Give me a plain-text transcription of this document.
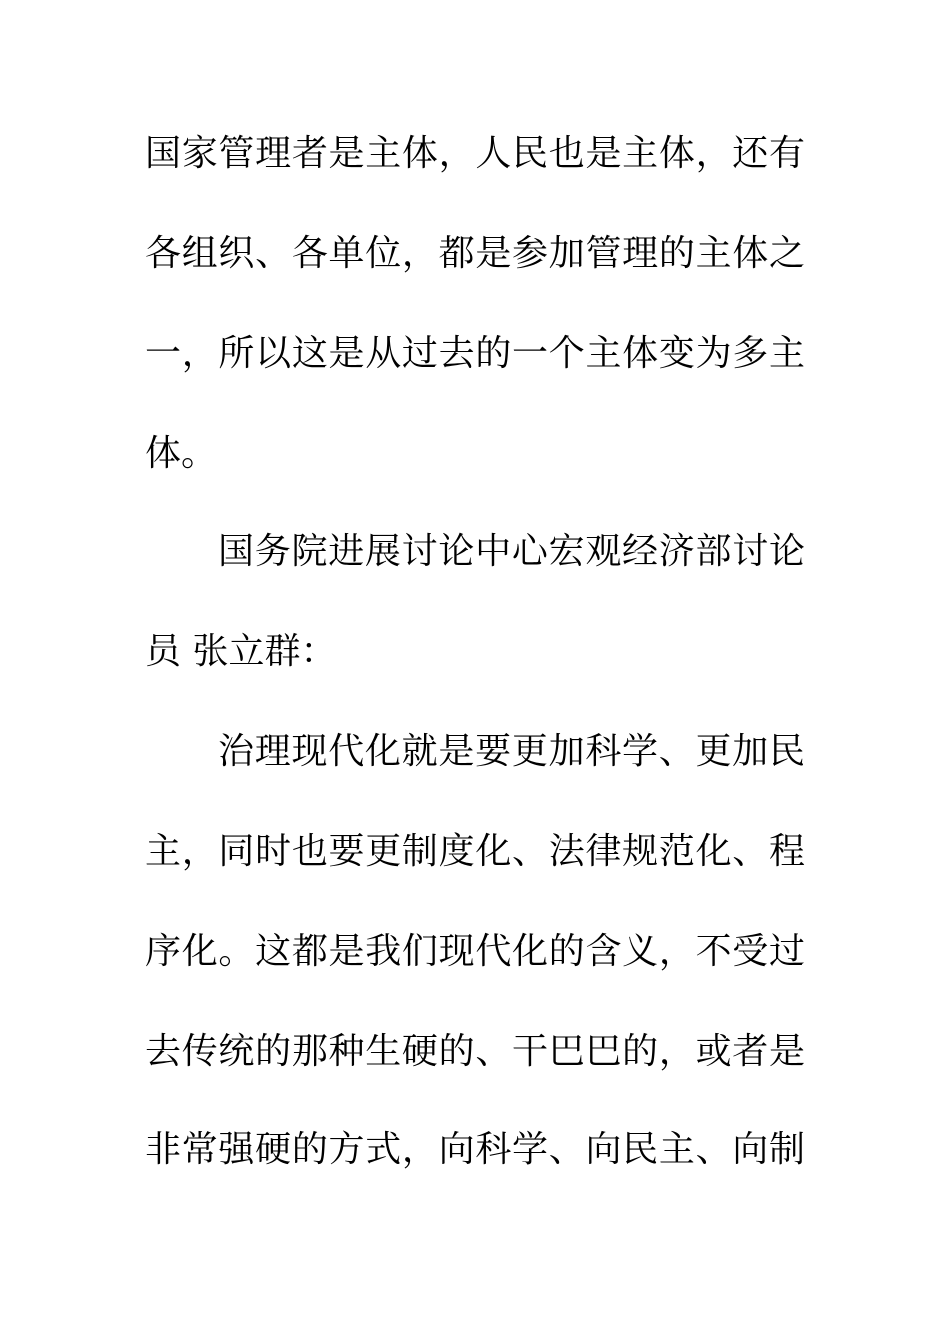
国家管理者是主体，人民也是主体，还有
各组织、各单位，都是参加管理的主体之
一，所以这是从过去的一个主体变为多主
体。
国务院进展讨论中心宏观经济部讨论
员 张立群：
治理现代化就是要更加科学、更加民
主，同时也要更制度化、法律规范化、程
序化。这都是我们现代化的含义，不受过
去传统的那种生硬的、干巴巴的，或者是
非常强硬的方式，向科学、向民主、向制
